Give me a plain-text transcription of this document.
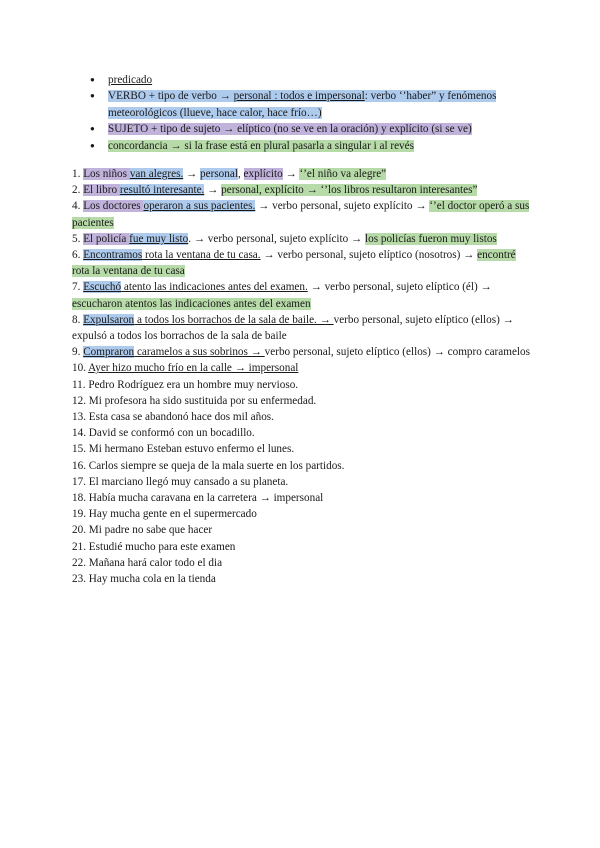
● predicado
● VERBO + tipo de verbo → personal : todos e impersonal: verbo ‘’haber” y fenómenos meteorológicos (llueve, hace calor, hace frío…)
● SUJETO + tipo de sujeto → elíptico (no se ve en la oración) y explícito (si se ve)
● concordancia → si la frase está en plural pasarla a singular i al revés

1. Los niños van alegres. → personal, explícito → ‘’el niño va alegre”

2. El libro resultó interesante. → personal, explícito → ‘’los libros resultaron interesantes”

4. Los doctores operaron a sus pacientes. → verbo personal, sujeto explícito → ‘’el doctor operó a sus pacientes

5. El policía fue muy listo. → verbo personal, sujeto explícito → los policías fueron muy listos

6. Encontramos rota la ventana de tu casa. → verbo personal, sujeto elíptico (nosotros) → encontré rota la ventana de tu casa

7. Escuchó atento las indicaciones antes del examen. → verbo personal, sujeto elíptico (él) → escucharon atentos las indicaciones antes del examen

8. Expulsaron a todos los borrachos de la sala de baile. → verbo personal, sujeto elíptico (ellos) → expulsó a todos los borrachos de la sala de baile

9. Compraron caramelos a sus sobrinos → verbo personal, sujeto elíptico (ellos) → compro caramelos

10. Ayer hizo mucho frío en la calle → impersonal

11. Pedro Rodríguez era un hombre muy nervioso.

12. Mi profesora ha sido sustituida por su enfermedad.

13. Esta casa se abandonó hace dos mil años.

14. David se conformó con un bocadillo.

15. Mi hermano Esteban estuvo enfermo el lunes.

16. Carlos siempre se queja de la mala suerte en los partidos.

17. El marciano llegó muy cansado a su planeta.

18. Había mucha caravana en la carretera → impersonal

19. Hay mucha gente en el supermercado

20. Mi padre no sabe que hacer

21. Estudié mucho para este examen

22. Mañana hará calor todo el dia

23. Hay mucha cola en la tienda
